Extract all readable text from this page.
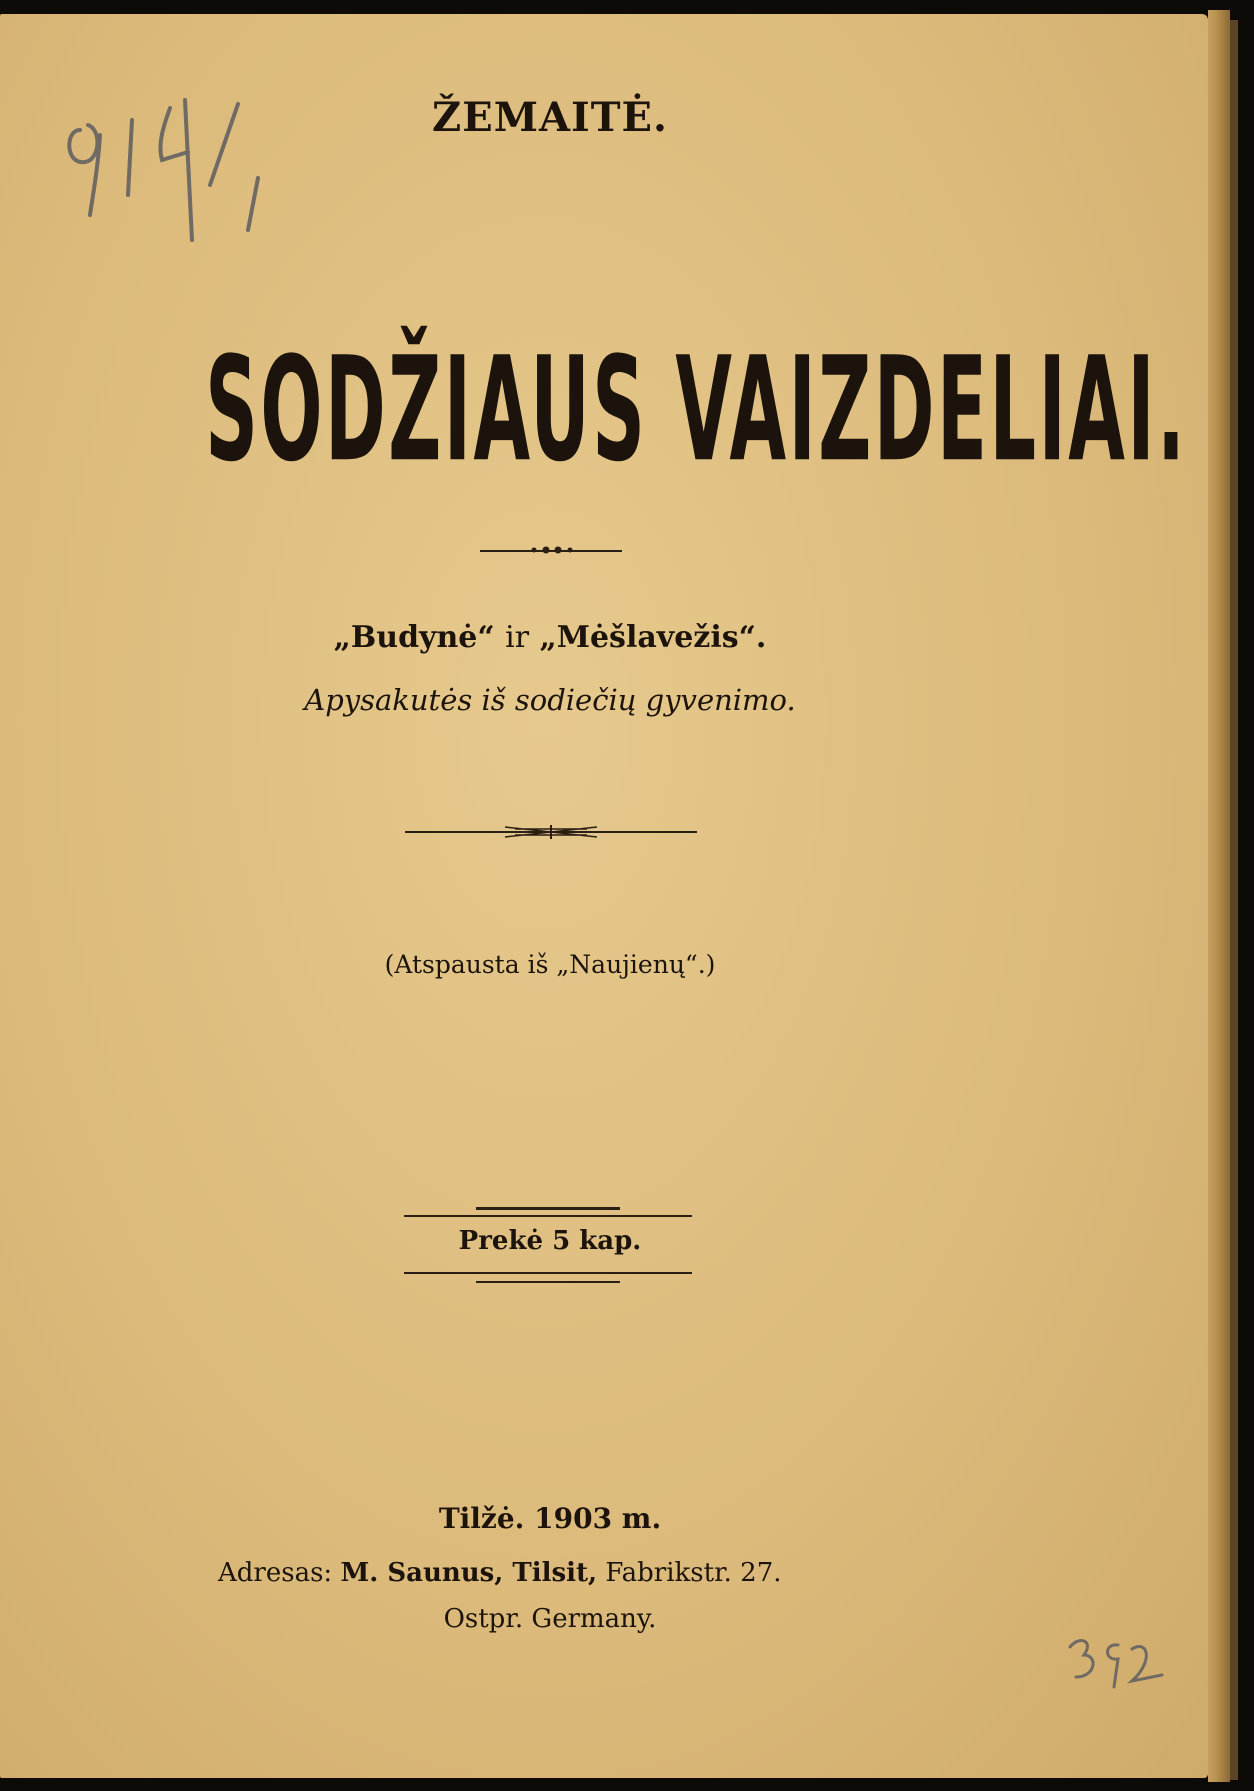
ŽEMAITĖ.
SODŽIAUS VAIZDELIAI.
„Budynė“ ir „Mėšlavežis“.
Apysakutės iš sodiečių gyvenimo.
(Atspausta iš „Naujienų“.)
Prekė 5 kap.
Tilžė. 1903 m.
Adresas: M. Saunus, Tilsit, Fabrikstr. 27.
Ostpr. Germany.
